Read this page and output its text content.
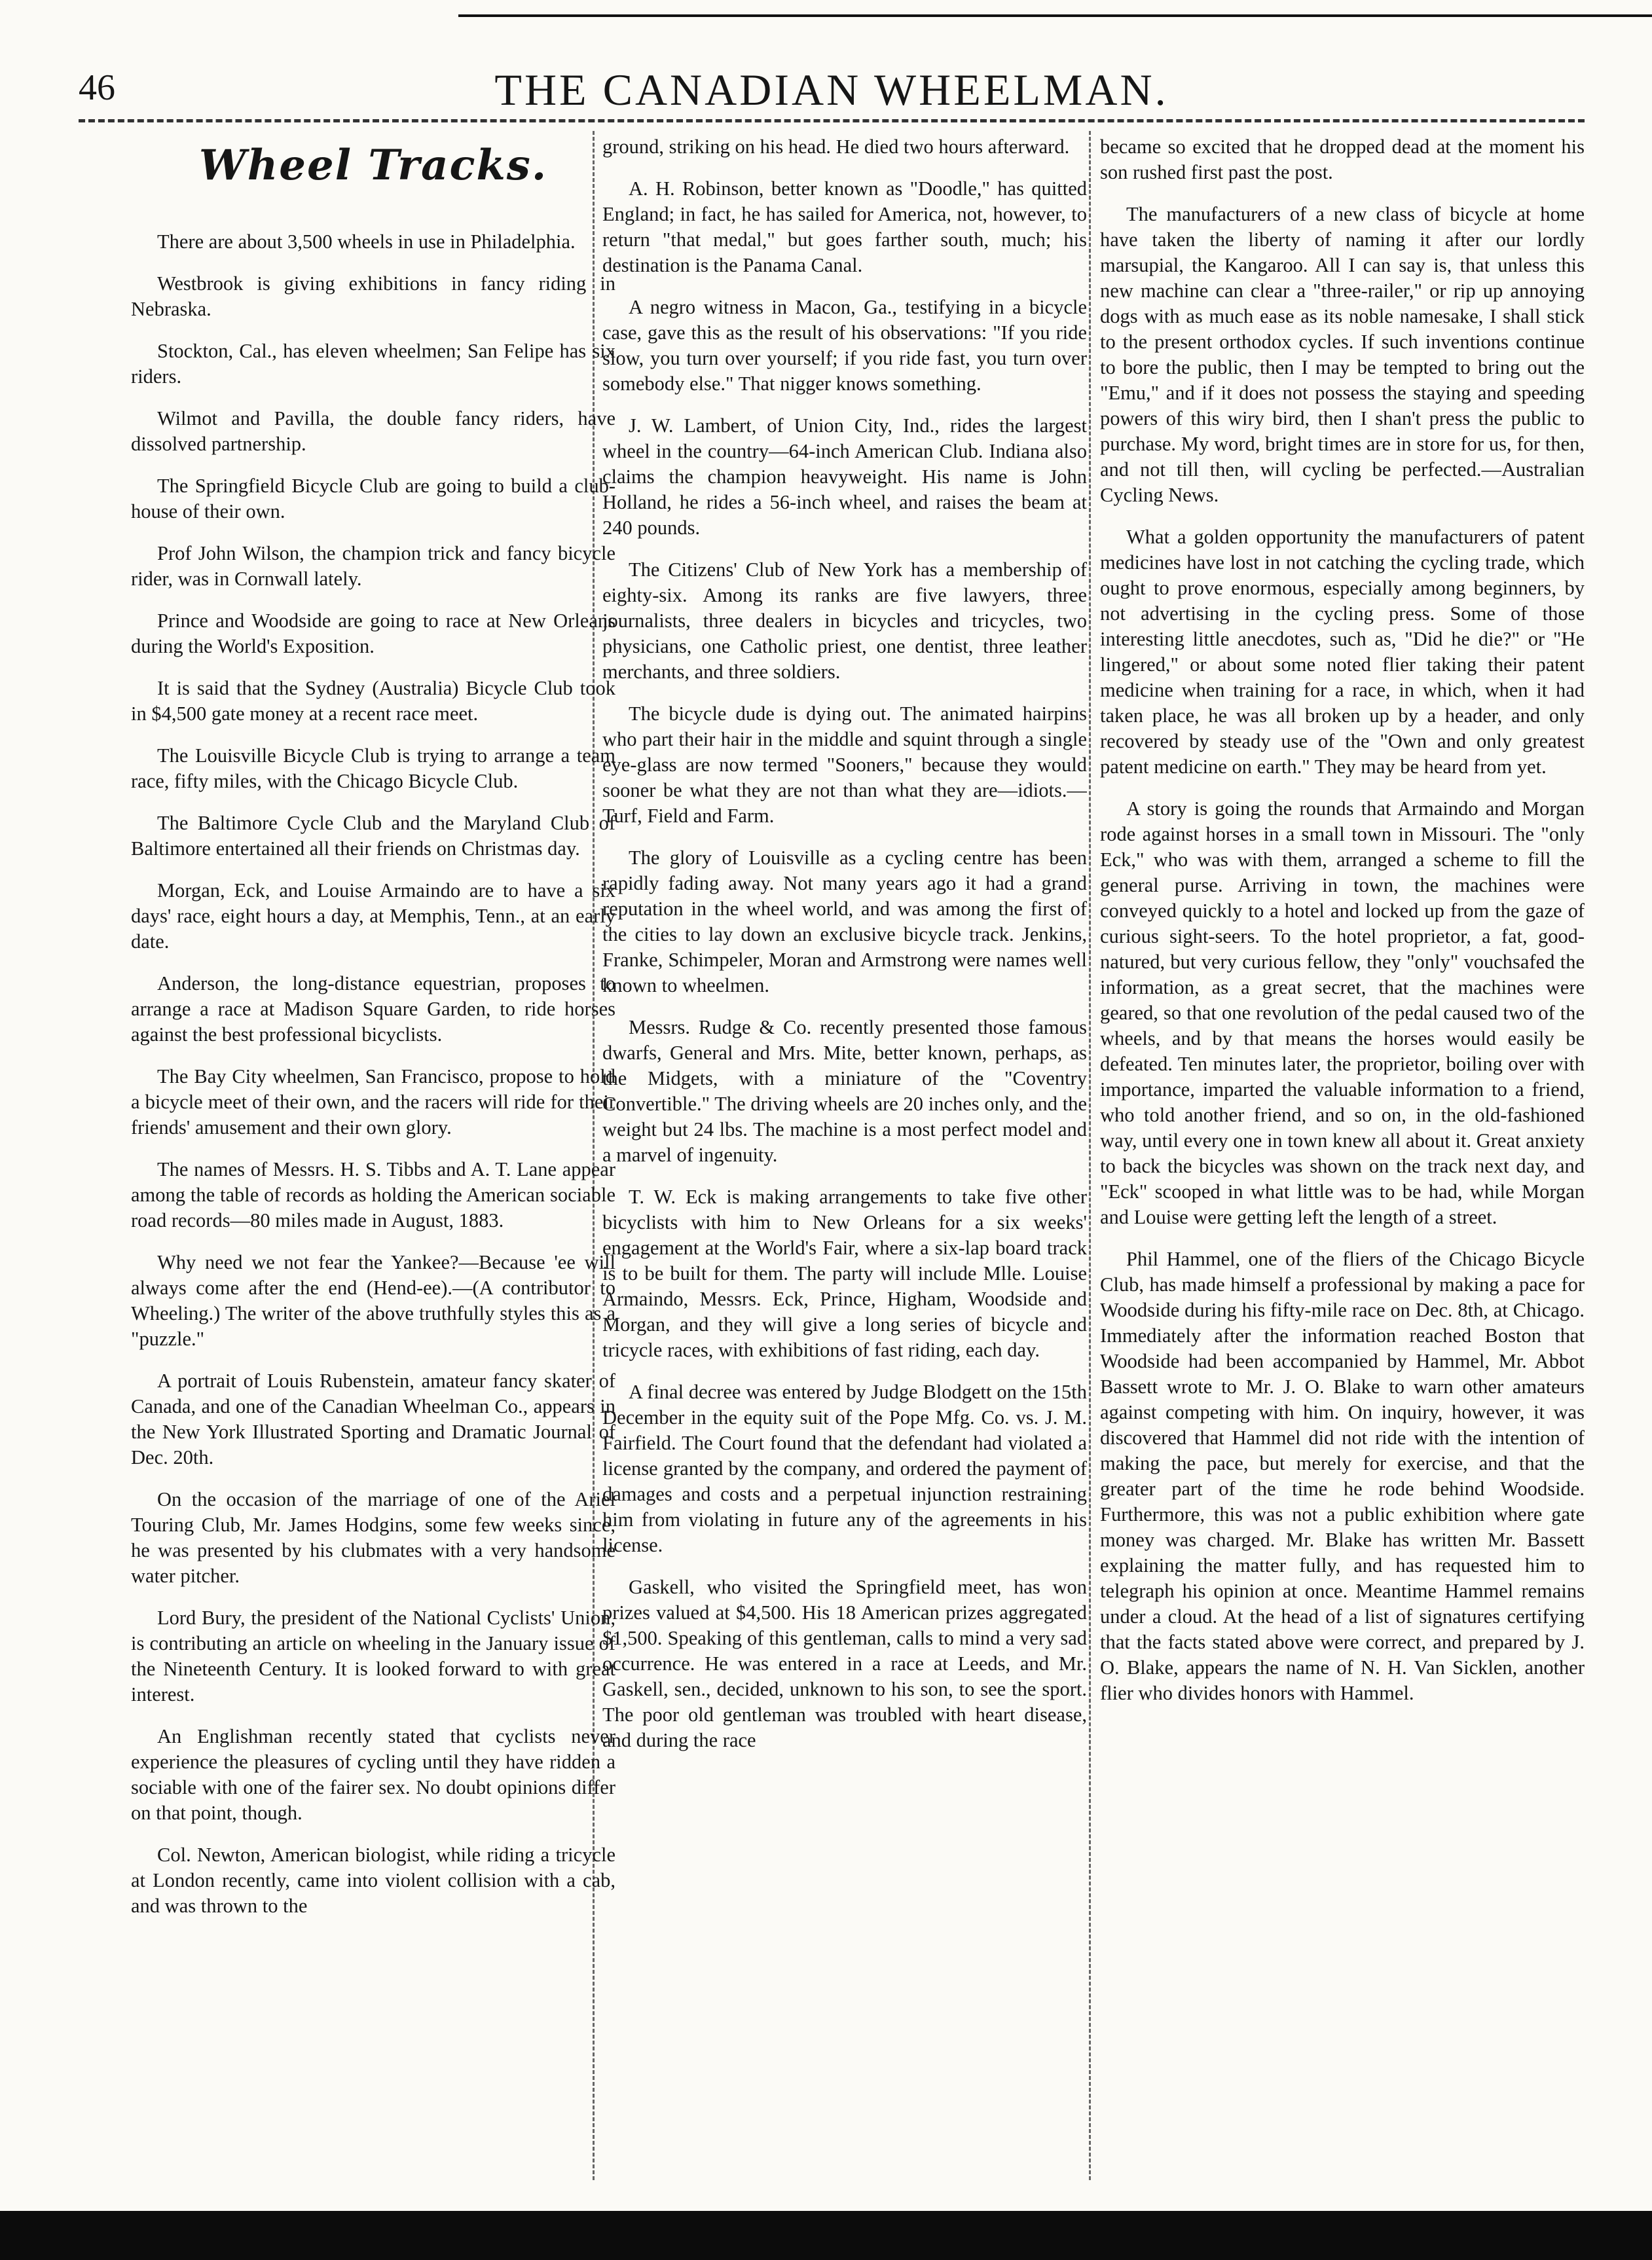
46	THE CANADIAN WHEELMAN.
Wheel Tracks.

There are about 3,500 wheels in use in Philadelphia.

Westbrook is giving exhibitions in fancy riding in Nebraska.

Stockton, Cal., has eleven wheelmen; San Felipe has six riders.

Wilmot and Pavilla, the double fancy riders, have dissolved partnership.

The Springfield Bicycle Club are going to build a club-house of their own.

Prof John Wilson, the champion trick and fancy bicycle rider, was in Cornwall lately.

Prince and Woodside are going to race at New Orleans during the World's Exposition.

It is said that the Sydney (Australia) Bicycle Club took in $4,500 gate money at a recent race meet.

The Louisville Bicycle Club is trying to arrange a team race, fifty miles, with the Chicago Bicycle Club.

The Baltimore Cycle Club and the Maryland Club of Baltimore entertained all their friends on Christmas day.

Morgan, Eck, and Louise Armaindo are to have a six days' race, eight hours a day, at Memphis, Tenn., at an early date.

Anderson, the long-distance equestrian, proposes to arrange a race at Madison Square Garden, to ride horses against the best professional bicyclists.

The Bay City wheelmen, San Francisco, propose to hold a bicycle meet of their own, and the racers will ride for their friends' amusement and their own glory.

The names of Messrs. H. S. Tibbs and A. T. Lane appear among the table of records as holding the American sociable road records—80 miles made in August, 1883.

Why need we not fear the Yankee?—Because 'ee will always come after the end (Hend-ee).—(A contributor to Wheeling.) The writer of the above truthfully styles this as a "puzzle."

A portrait of Louis Rubenstein, amateur fancy skater of Canada, and one of the Canadian Wheelman Co., appears in the New York Illustrated Sporting and Dramatic Journal of Dec. 20th.

On the occasion of the marriage of one of the Ariel Touring Club, Mr. James Hodgins, some few weeks since, he was presented by his clubmates with a very handsome water pitcher.

Lord Bury, the president of the National Cyclists' Union, is contributing an article on wheeling in the January issue of the Nineteenth Century. It is looked forward to with great interest.

An Englishman recently stated that cyclists never experience the pleasures of cycling until they have ridden a sociable with one of the fairer sex. No doubt opinions differ on that point, though.

Col. Newton, American biologist, while riding a tricycle at London recently, came into violent collision with a cab, and was thrown to the

ground, striking on his head. He died two hours afterward.

A. H. Robinson, better known as "Doodle," has quitted England; in fact, he has sailed for America, not, however, to return "that medal," but goes farther south, much; his destination is the Panama Canal.

A negro witness in Macon, Ga., testifying in a bicycle case, gave this as the result of his observations: "If you ride slow, you turn over yourself; if you ride fast, you turn over somebody else." That nigger knows something.

J. W. Lambert, of Union City, Ind., rides the largest wheel in the country—64-inch American Club. Indiana also claims the champion heavyweight. His name is John Holland, he rides a 56-inch wheel, and raises the beam at 240 pounds.

The Citizens' Club of New York has a membership of eighty-six. Among its ranks are five lawyers, three journalists, three dealers in bicycles and tricycles, two physicians, one Catholic priest, one dentist, three leather merchants, and three soldiers.

The bicycle dude is dying out. The animated hairpins who part their hair in the middle and squint through a single eye-glass are now termed "Sooners," because they would sooner be what they are not than what they are—idiots.—Turf, Field and Farm.

The glory of Louisville as a cycling centre has been rapidly fading away. Not many years ago it had a grand reputation in the wheel world, and was among the first of the cities to lay down an exclusive bicycle track. Jenkins, Franke, Schimpeler, Moran and Armstrong were names well known to wheelmen.

Messrs. Rudge & Co. recently presented those famous dwarfs, General and Mrs. Mite, better known, perhaps, as the Midgets, with a miniature of the "Coventry Convertible." The driving wheels are 20 inches only, and the weight but 24 lbs. The machine is a most perfect model and a marvel of ingenuity.

T. W. Eck is making arrangements to take five other bicyclists with him to New Orleans for a six weeks' engagement at the World's Fair, where a six-lap board track is to be built for them. The party will include Mlle. Louise Armaindo, Messrs. Eck, Prince, Higham, Woodside and Morgan, and they will give a long series of bicycle and tricycle races, with exhibitions of fast riding, each day.

A final decree was entered by Judge Blodgett on the 15th December in the equity suit of the Pope Mfg. Co. vs. J. M. Fairfield. The Court found that the defendant had violated a license granted by the company, and ordered the payment of damages and costs and a perpetual injunction restraining him from violating in future any of the agreements in his license.

Gaskell, who visited the Springfield meet, has won prizes valued at $4,500. His 18 American prizes aggregated $1,500. Speaking of this gentleman, calls to mind a very sad occurrence. He was entered in a race at Leeds, and Mr. Gaskell, sen., decided, unknown to his son, to see the sport. The poor old gentleman was troubled with heart disease, and during the race

became so excited that he dropped dead at the moment his son rushed first past the post.

The manufacturers of a new class of bicycle at home have taken the liberty of naming it after our lordly marsupial, the Kangaroo. All I can say is, that unless this new machine can clear a "three-railer," or rip up annoying dogs with as much ease as its noble namesake, I shall stick to the present orthodox cycles. If such inventions continue to bore the public, then I may be tempted to bring out the "Emu," and if it does not possess the staying and speeding powers of this wiry bird, then I shan't press the public to purchase. My word, bright times are in store for us, for then, and not till then, will cycling be perfected.—Australian Cycling News.

What a golden opportunity the manufacturers of patent medicines have lost in not catching the cycling trade, which ought to prove enormous, especially among beginners, by not advertising in the cycling press. Some of those interesting little anecdotes, such as, "Did he die?" or "He lingered," or about some noted flier taking their patent medicine when training for a race, in which, when it had taken place, he was all broken up by a header, and only recovered by steady use of the "Own and only greatest patent medicine on earth." They may be heard from yet.

A story is going the rounds that Armaindo and Morgan rode against horses in a small town in Missouri. The "only Eck," who was with them, arranged a scheme to fill the general purse. Arriving in town, the machines were conveyed quickly to a hotel and locked up from the gaze of curious sight-seers. To the hotel proprietor, a fat, good-natured, but very curious fellow, they "only" vouchsafed the information, as a great secret, that the machines were geared, so that one revolution of the pedal caused two of the wheels, and by that means the horses would easily be defeated. Ten minutes later, the proprietor, boiling over with importance, imparted the valuable information to a friend, who told another friend, and so on, in the old-fashioned way, until every one in town knew all about it. Great anxiety to back the bicycles was shown on the track next day, and "Eck" scooped in what little was to be had, while Morgan and Louise were getting left the length of a street.

Phil Hammel, one of the fliers of the Chicago Bicycle Club, has made himself a professional by making a pace for Woodside during his fifty-mile race on Dec. 8th, at Chicago. Immediately after the information reached Boston that Woodside had been accompanied by Hammel, Mr. Abbot Bassett wrote to Mr. J. O. Blake to warn other amateurs against competing with him. On inquiry, however, it was discovered that Hammel did not ride with the intention of making the pace, but merely for exercise, and that the greater part of the time he rode behind Woodside. Furthermore, this was not a public exhibition where gate money was charged. Mr. Blake has written Mr. Bassett explaining the matter fully, and has requested him to telegraph his opinion at once. Meantime Hammel remains under a cloud. At the head of a list of signatures certifying that the facts stated above were correct, and prepared by J. O. Blake, appears the name of N. H. Van Sicklen, another flier who divides honors with Hammel.
